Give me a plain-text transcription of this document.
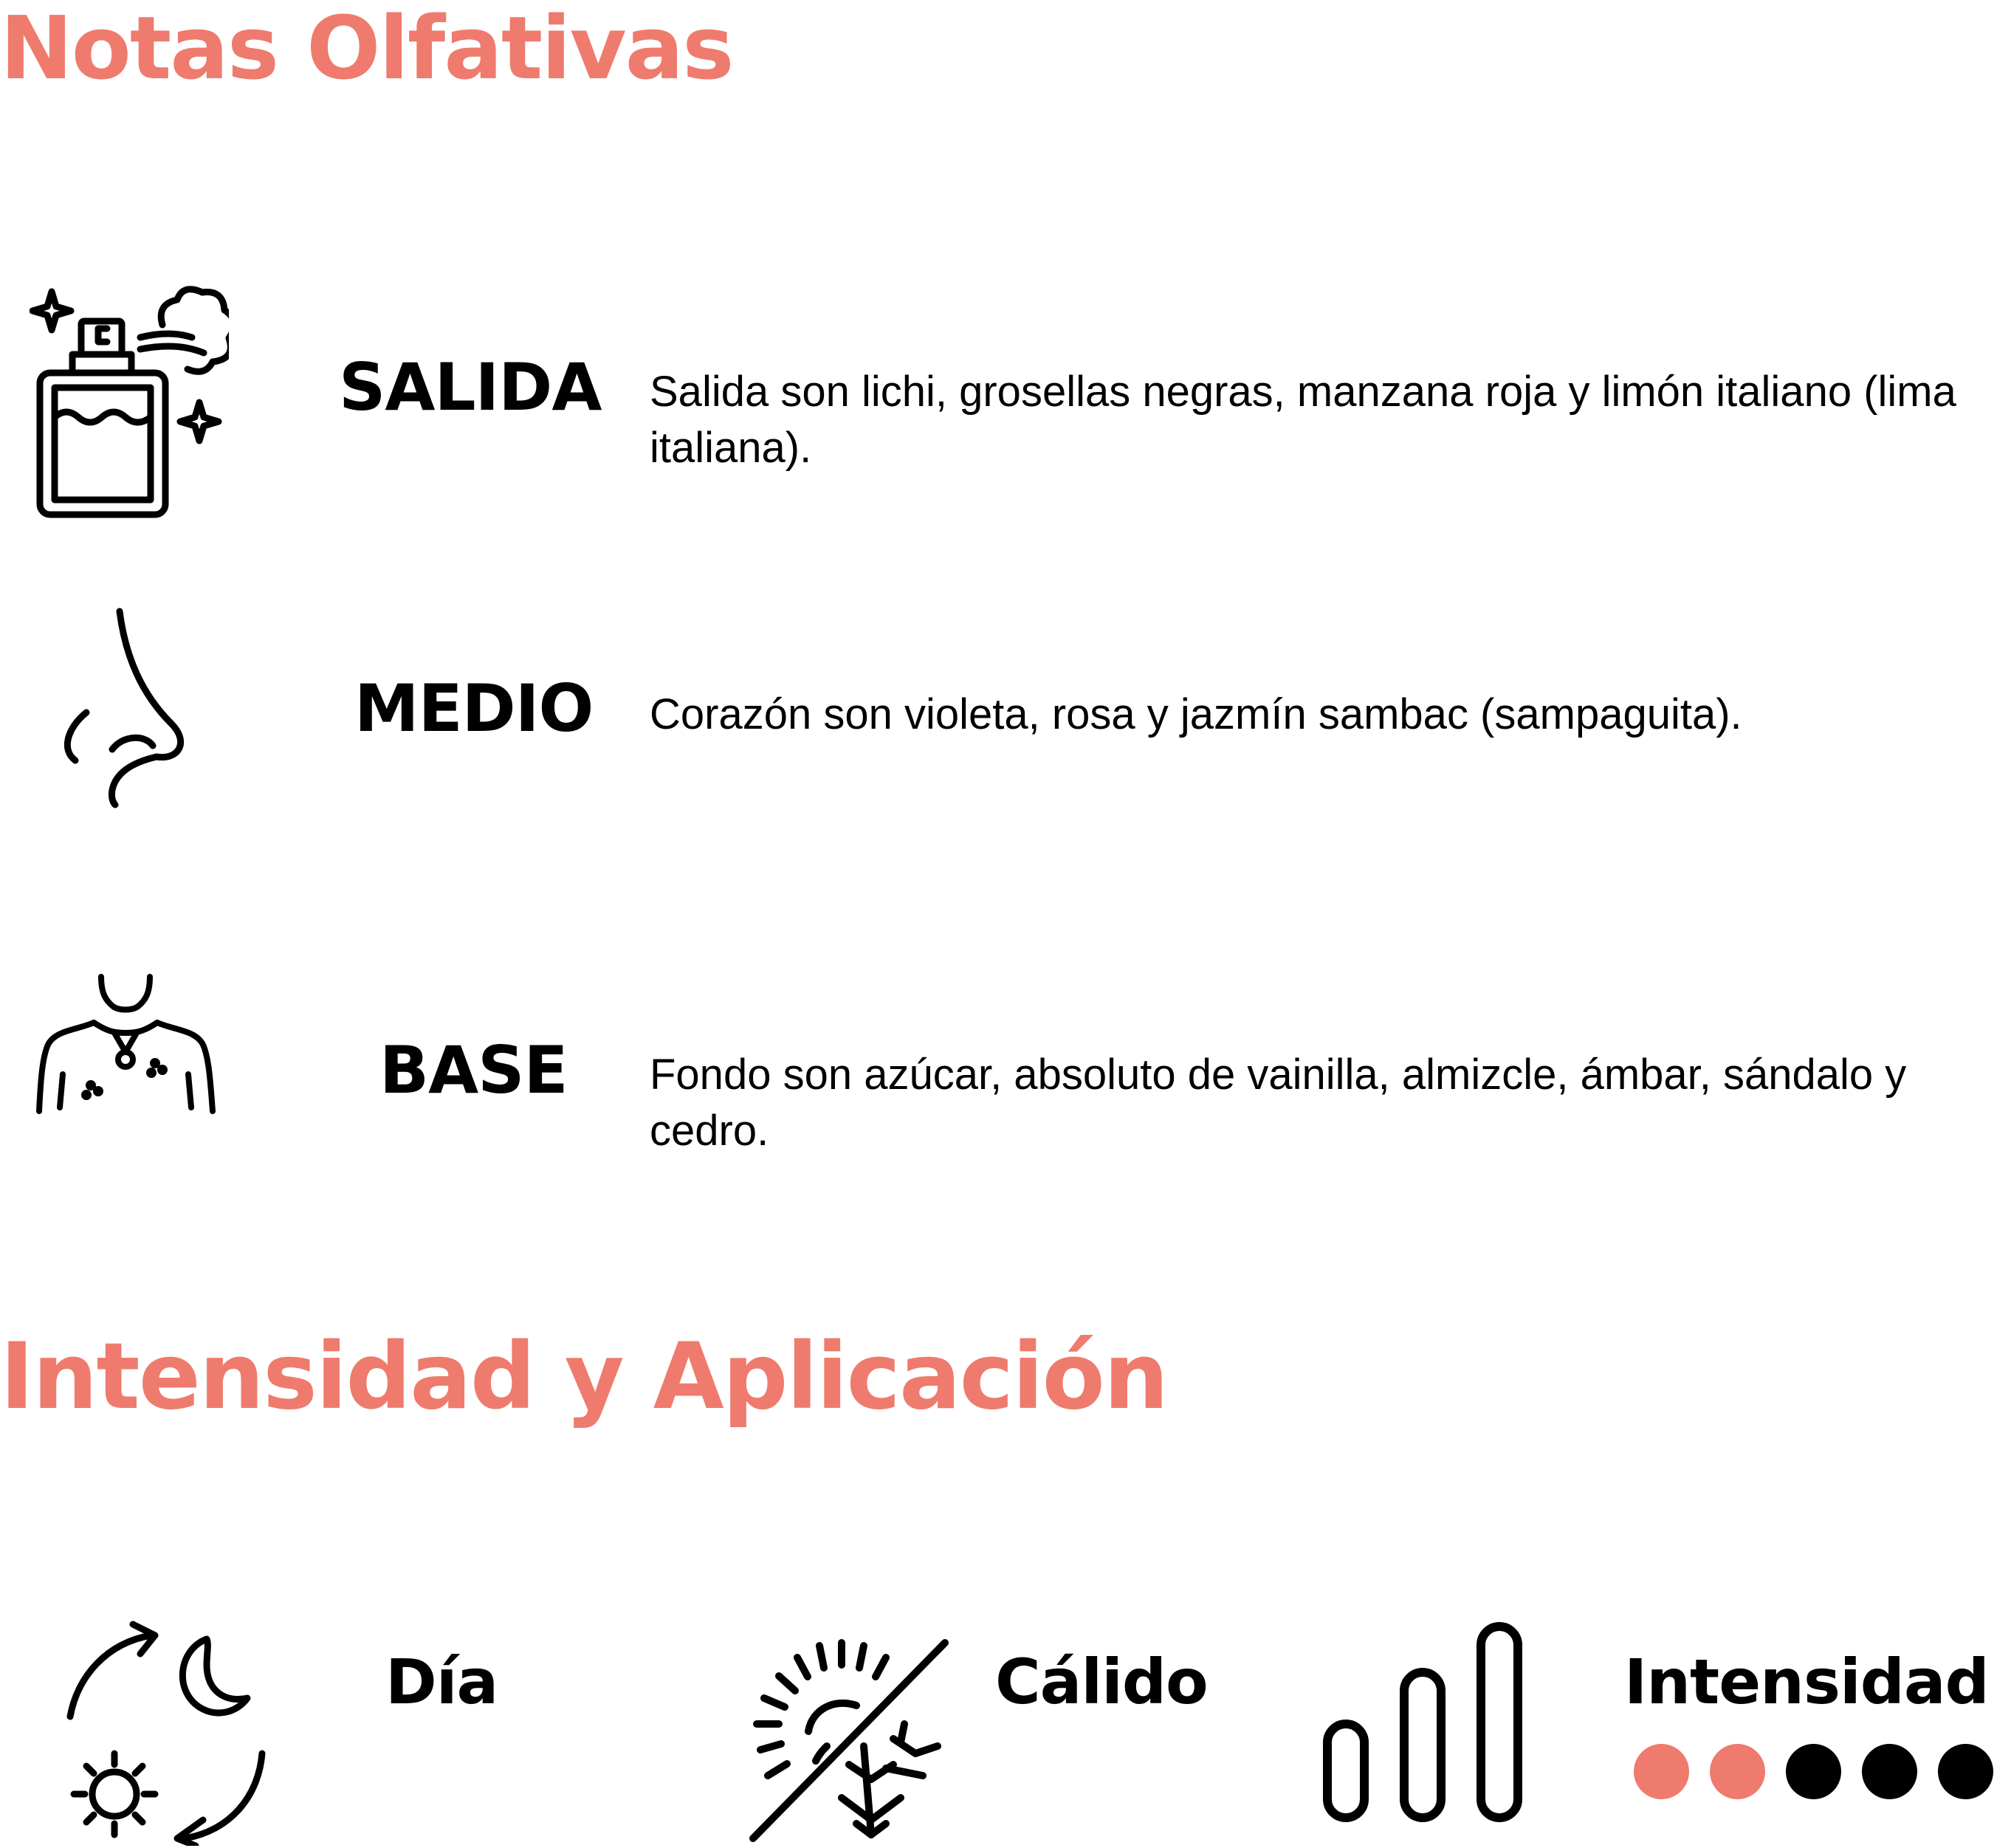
Notas Olfativas
SALIDA Salida son lichi, grosellas negras, manzana roja y limón italiano (lima italiana).
MEDIO Corazón son violeta, rosa y jazmín sambac (sampaguita).
BASE Fondo son azúcar, absoluto de vainilla, almizcle, ámbar, sándalo y cedro.
Intensidad y Aplicación
Día	Cálido	Intensidad
